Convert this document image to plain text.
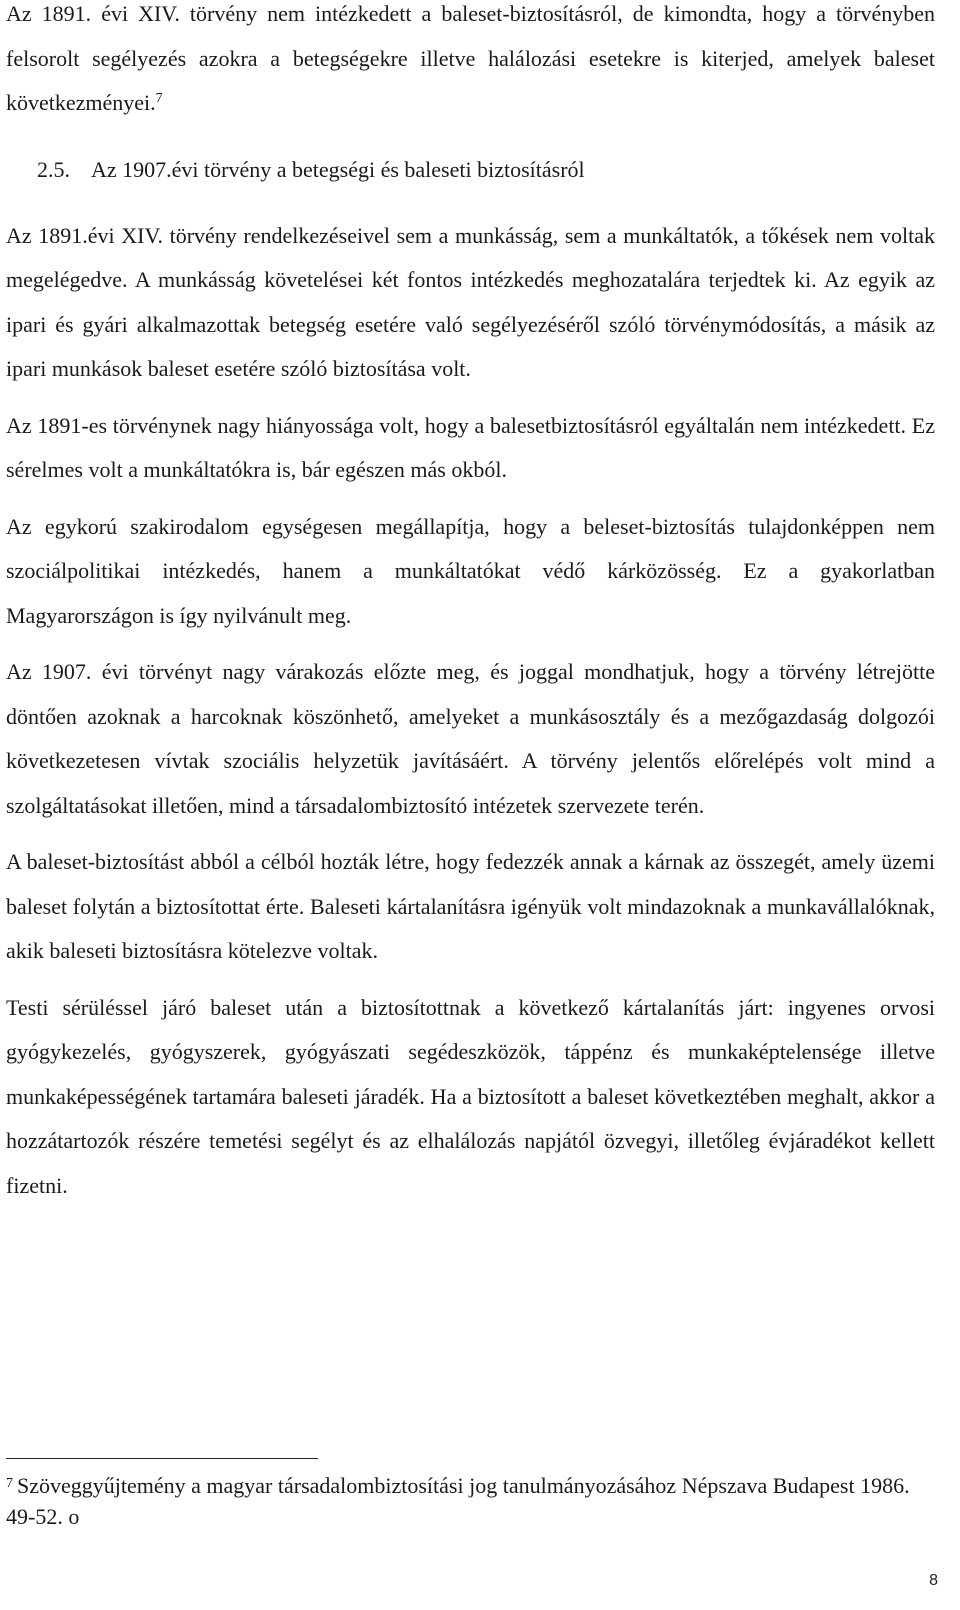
Az 1891. évi XIV. törvény nem intézkedett a baleset-biztosításról, de kimondta, hogy a törvényben felsorolt segélyezés azokra a betegségekre illetve halálozási esetekre is kiterjed, amelyek baleset következményei.$^7$

2.5. Az 1907.évi törvény a betegségi és baleseti biztosításról

Az 1891.évi XIV. törvény rendelkezéseivel sem a munkásság, sem a munkáltatók, a tőkések nem voltak megelégedve. A munkásság követelései két fontos intézkedés meghozatalára terjedtek ki. Az egyik az ipari és gyári alkalmazottak betegség esetére való segélyezéséről szóló törvénymódosítás, a másik az ipari munkások baleset esetére szóló biztosítása volt.

Az 1891-es törvénynek nagy hiányossága volt, hogy a balesetbiztosításról egyáltalán nem intézkedett. Ez sérelmes volt a munkáltatókra is, bár egészen más okból.

Az egykorú szakirodalom egységesen megállapítja, hogy a beleset-biztosítás tulajdonképpen nem szociálpolitikai intézkedés, hanem a munkáltatókat védő kárközösség. Ez a gyakorlatban Magyarországon is így nyilvánult meg.

Az 1907. évi törvényt nagy várakozás előzte meg, és joggal mondhatjuk, hogy a törvény létrejötte döntően azoknak a harcoknak köszönhető, amelyeket a munkásosztály és a mezőgazdaság dolgozói következetesen vívtak szociális helyzetük javításáért. A törvény jelentős előrelépés volt mind a szolgáltatásokat illetően, mind a társadalombiztosító intézetek szervezete terén.

A baleset-biztosítást abból a célból hozták létre, hogy fedezzék annak a kárnak az összegét, amely üzemi baleset folytán a biztosítottat érte. Baleseti kártalanításra igényük volt mindazoknak a munkavállalóknak, akik baleseti biztosításra kötelezve voltak.

Testi sérüléssel járó baleset után a biztosítottnak a következő kártalanítás járt: ingyenes orvosi gyógykezelés, gyógyszerek, gyógyászati segédeszközök, táppénz és munkaképtelensége illetve munkaképességének tartamára baleseti járadék. Ha a biztosított a baleset következtében meghalt, akkor a hozzátartozók részére temetési segélyt és az elhalálozás napjától özvegyi, illetőleg évjáradékot kellett fizetni.

$^7$ Szöveggyűjtemény a magyar társadalombiztosítási jog tanulmányozásához Népszava Budapest 1986. 49-52. o
8
